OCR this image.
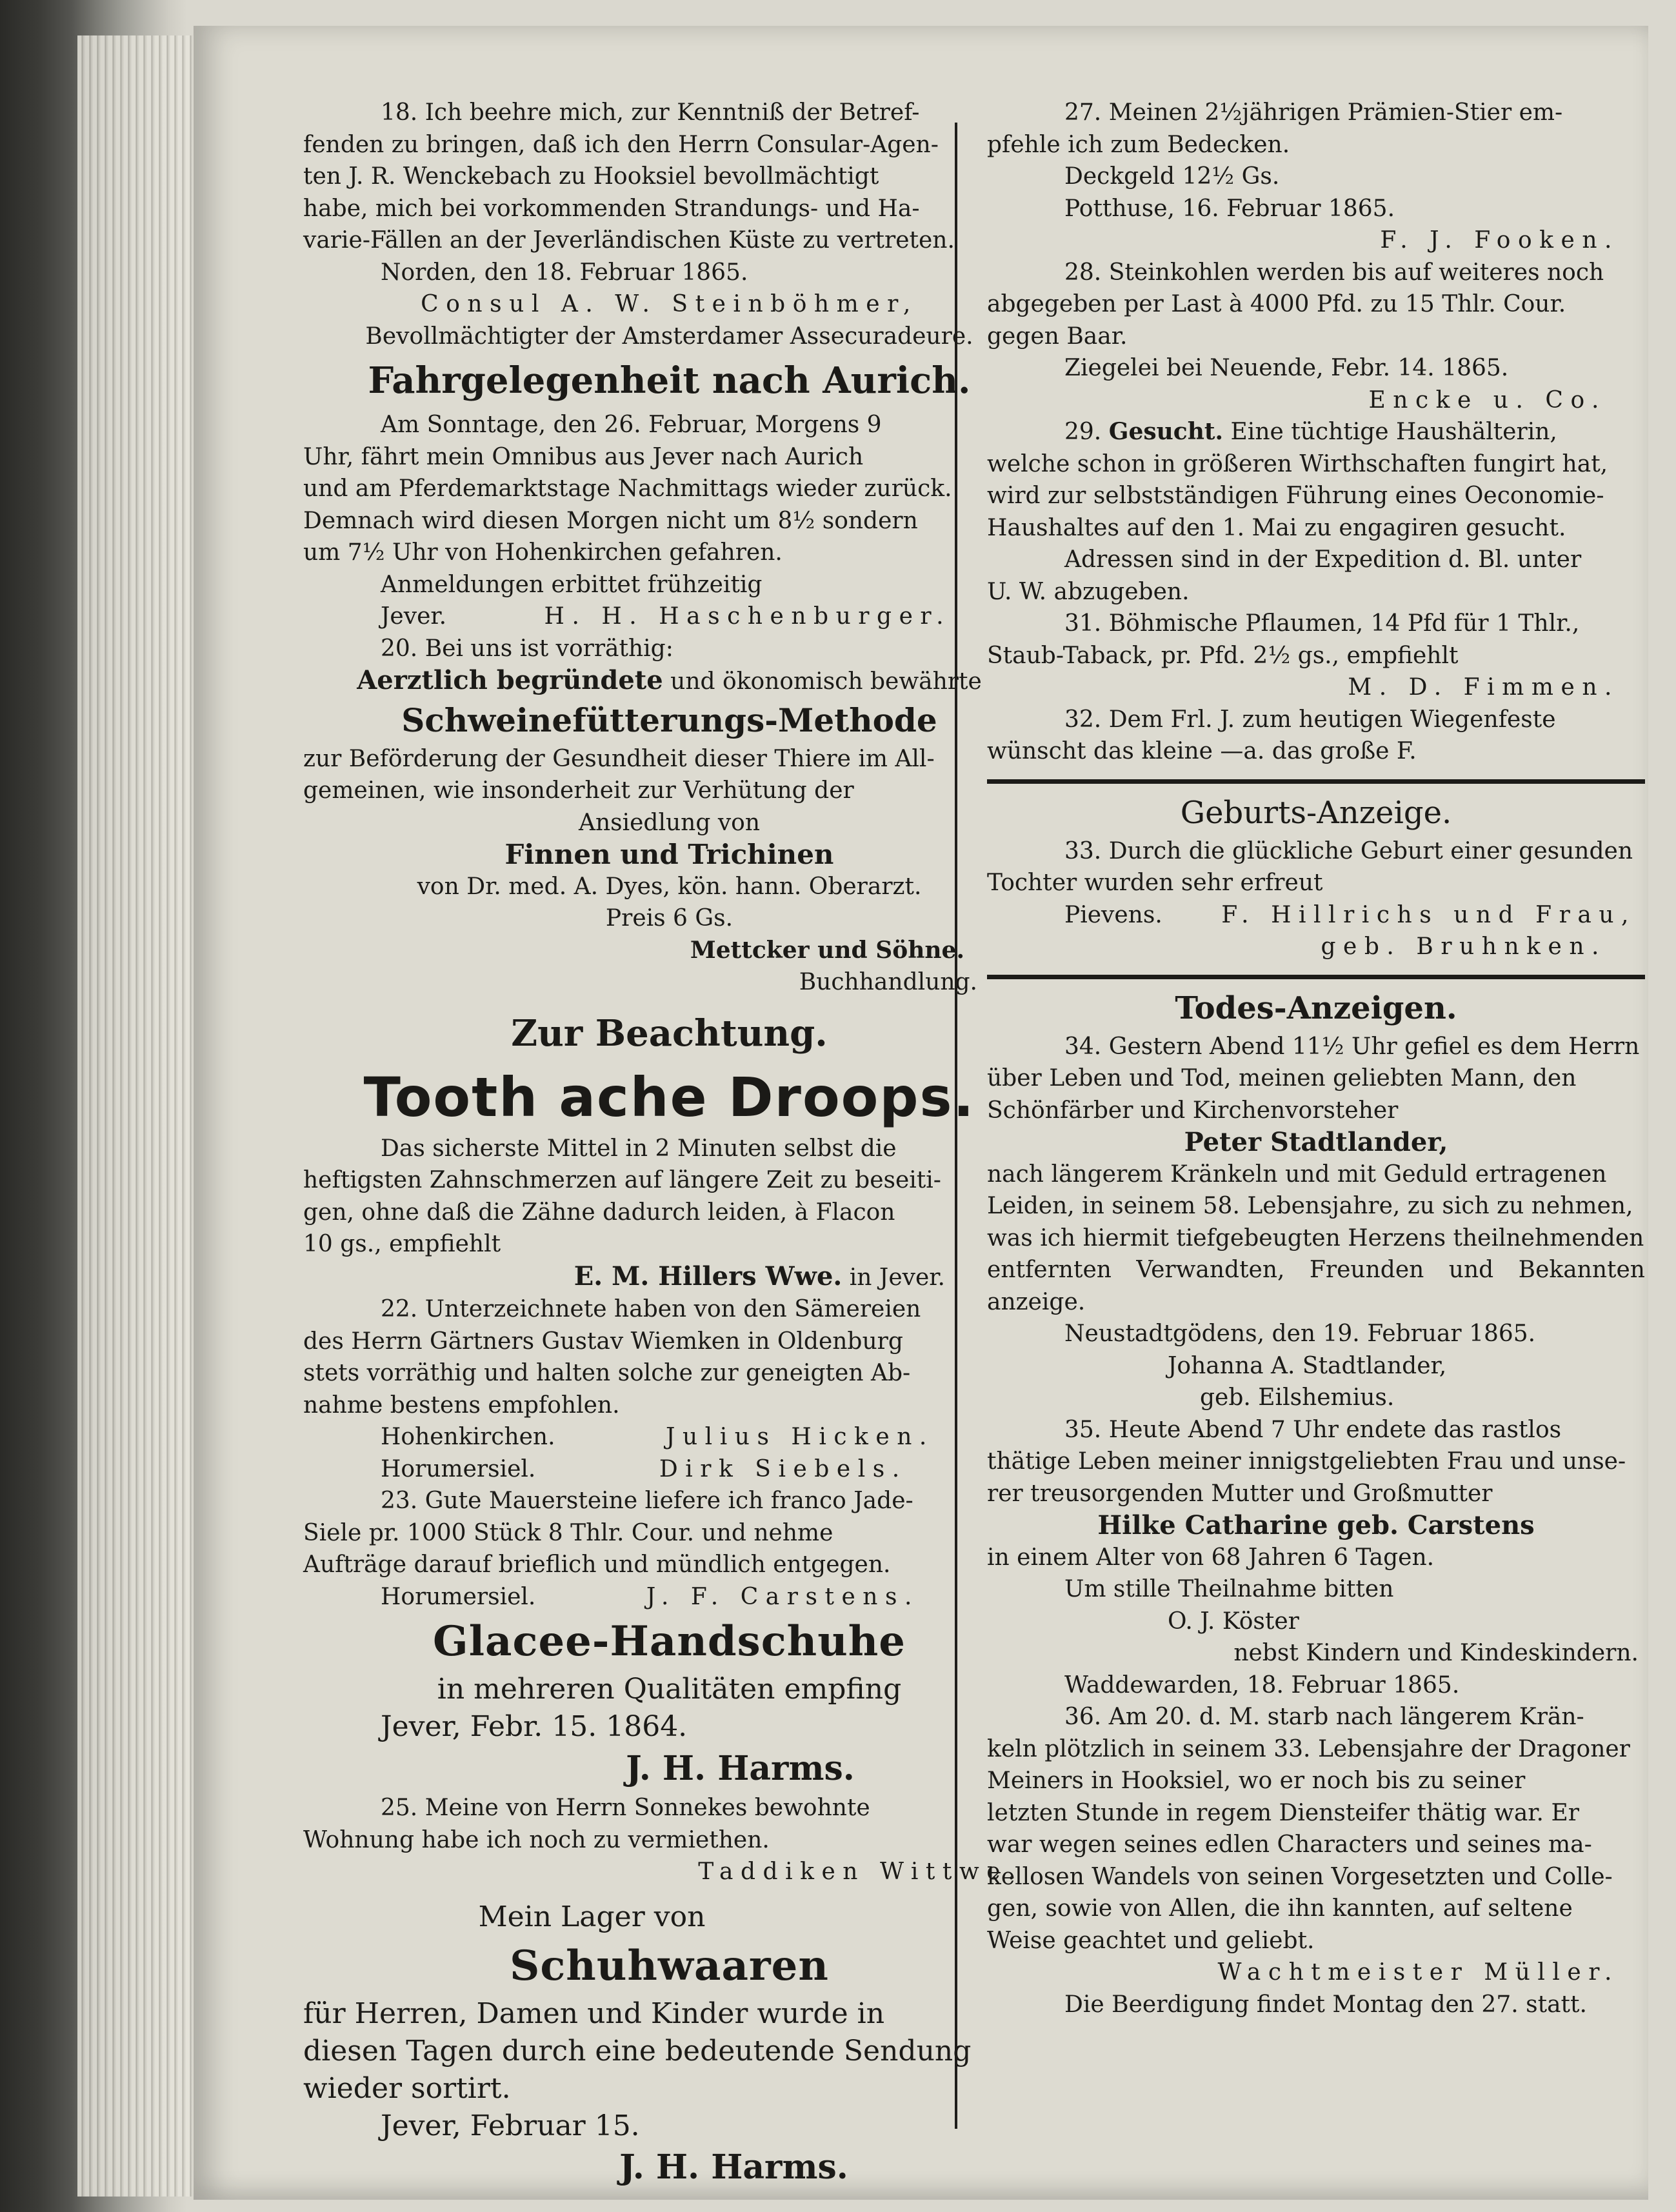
18. Ich beehre mich, zur Kenntniß der Betref-

fenden zu bringen, daß ich den Herrn Consular-Agen-

ten J. R. Wenckebach zu Hooksiel bevollmächtigt

habe, mich bei vorkommenden Strandungs- und Ha-

varie-Fällen an der Jeverländischen Küste zu vertreten.

Norden, den 18. Februar 1865.

Consul A. W. Steinböhmer,

Bevollmächtigter der Amsterdamer Assecuradeure.

Fahrgelegenheit nach Aurich.

Am Sonntage, den 26. Februar, Morgens 9

Uhr, fährt mein Omnibus aus Jever nach Aurich

und am Pferdemarktstage Nachmittags wieder zurück.

Demnach wird diesen Morgen nicht um 8½ sondern

um 7½ Uhr von Hohenkirchen gefahren.

Anmeldungen erbittet frühzeitig

Jever.	H. H. Haschenburger.

20. Bei uns ist vorräthig:

Aerztlich begründete und ökonomisch bewährte

Schweinefütterungs-Methode

zur Beförderung der Gesundheit dieser Thiere im All-

gemeinen, wie insonderheit zur Verhütung der

Ansiedlung von

Finnen und Trichinen

von Dr. med. A. Dyes, kön. hann. Oberarzt.

Preis 6 Gs.

Mettcker und Söhne.

Buchhandlung.

Zur Beachtung.
Tooth ache Droops.

Das sicherste Mittel in 2 Minuten selbst die

heftigsten Zahnschmerzen auf längere Zeit zu beseiti-

gen, ohne daß die Zähne dadurch leiden, à Flacon

10 gs., empfiehlt

E. M. Hillers Wwe. in Jever.

22. Unterzeichnete haben von den Sämereien

des Herrn Gärtners Gustav Wiemken in Oldenburg

stets vorräthig und halten solche zur geneigten Ab-

nahme bestens empfohlen.

Hohenkirchen.	Julius Hicken.

Horumersiel.	Dirk Siebels.

23. Gute Mauersteine liefere ich franco Jade-

Siele pr. 1000 Stück 8 Thlr. Cour. und nehme

Aufträge darauf brieflich und mündlich entgegen.

Horumersiel.	J. F. Carstens.

Glacee-Handschuhe

in mehreren Qualitäten empfing

Jever, Febr. 15. 1864.

J. H. Harms.

25. Meine von Herrn Sonnekes bewohnte

Wohnung habe ich noch zu vermiethen.

Taddiken Wittwe.

Mein Lager von

Schuhwaaren

für Herren, Damen und Kinder wurde in

diesen Tagen durch eine bedeutende Sendung

wieder sortirt.

Jever, Februar 15.

J. H. Harms.

27. Meinen 2½jährigen Prämien-Stier em-

pfehle ich zum Bedecken.

Deckgeld 12½ Gs.

Potthuse, 16. Februar 1865.

F. J. Fooken.

28. Steinkohlen werden bis auf weiteres noch

abgegeben per Last à 4000 Pfd. zu 15 Thlr. Cour.

gegen Baar.

Ziegelei bei Neuende, Febr. 14. 1865.

Encke u. Co.

29. Gesucht. Eine tüchtige Haushälterin,

welche schon in größeren Wirthschaften fungirt hat,

wird zur selbstständigen Führung eines Oeconomie-

Haushaltes auf den 1. Mai zu engagiren gesucht.

Adressen sind in der Expedition d. Bl. unter

U. W. abzugeben.

31. Böhmische Pflaumen, 14 Pfd für 1 Thlr.,

Staub-Taback, pr. Pfd. 2½ gs., empfiehlt

M. D. Fimmen.

32. Dem Frl. J. zum heutigen Wiegenfeste

wünscht das kleine —a. das große F.

Geburts-Anzeige.

33. Durch die glückliche Geburt einer gesunden

Tochter wurden sehr erfreut

Pievens.	F. Hillrichs und Frau,

geb. Bruhnken.

Todes-Anzeigen.

34. Gestern Abend 11½ Uhr gefiel es dem Herrn

über Leben und Tod, meinen geliebten Mann, den

Schönfärber und Kirchenvorsteher

Peter Stadtlander,

nach längerem Kränkeln und mit Geduld ertragenen

Leiden, in seinem 58. Lebensjahre, zu sich zu nehmen,

was ich hiermit tiefgebeugten Herzens theilnehmenden

entfernten Verwandten, Freunden und Bekannten anzeige.

Neustadtgödens, den 19. Februar 1865.

Johanna A. Stadtlander,

geb. Eilshemius.

35. Heute Abend 7 Uhr endete das rastlos

thätige Leben meiner innigstgeliebten Frau und unse-

rer treusorgenden Mutter und Großmutter

Hilke Catharine geb. Carstens

in einem Alter von 68 Jahren 6 Tagen.

Um stille Theilnahme bitten

O. J. Köster

nebst Kindern und Kindeskindern.

Waddewarden, 18. Februar 1865.

36. Am 20. d. M. starb nach längerem Krän-

keln plötzlich in seinem 33. Lebensjahre der Dragoner

Meiners in Hooksiel, wo er noch bis zu seiner

letzten Stunde in regem Diensteifer thätig war. Er

war wegen seines edlen Characters und seines ma-

kellosen Wandels von seinen Vorgesetzten und Colle-

gen, sowie von Allen, die ihn kannten, auf seltene

Weise geachtet und geliebt.

Wachtmeister Müller.

Die Beerdigung findet Montag den 27. statt.
